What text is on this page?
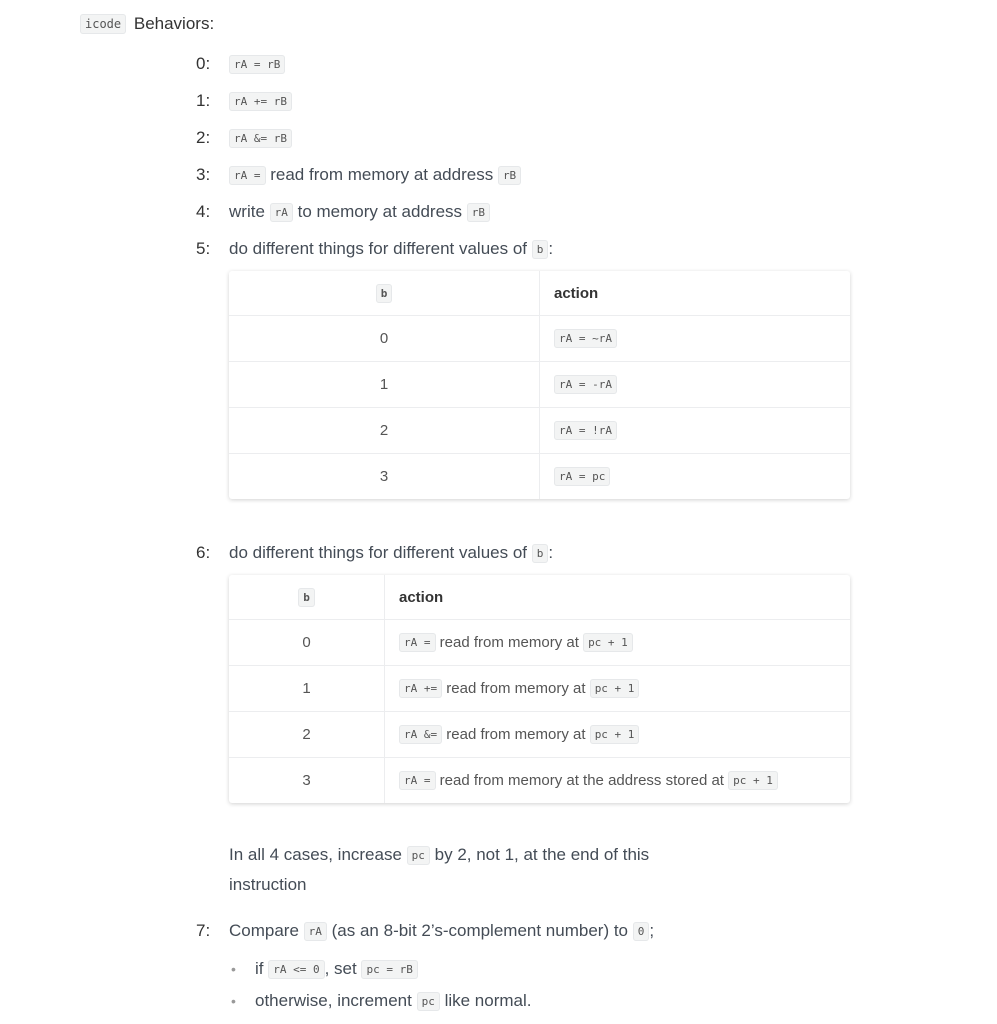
icode Behaviors:
0:	rA = rB
1:	rA += rB
2:	rA &= rB
3:	rA = read from memory at address rB
4:	write rA to memory at address rB
5:	do different things for different values of b :
b	action
0	rA = ~rA
1	rA = -rA
2	rA = !rA
3	rA = pc
6:	do different things for different values of b :
b	action
0	rA = read from memory at pc + 1
1	rA += read from memory at pc + 1
2	rA &= read from memory at pc + 1
3	rA = read from memory at the address stored at pc + 1
In all 4 cases, increase pc by 2, not 1, at the end of this instruction
7:	Compare rA (as an 8-bit 2’s-complement number) to 0 ;
• if rA <= 0 , set pc = rB
• otherwise, increment pc like normal.
